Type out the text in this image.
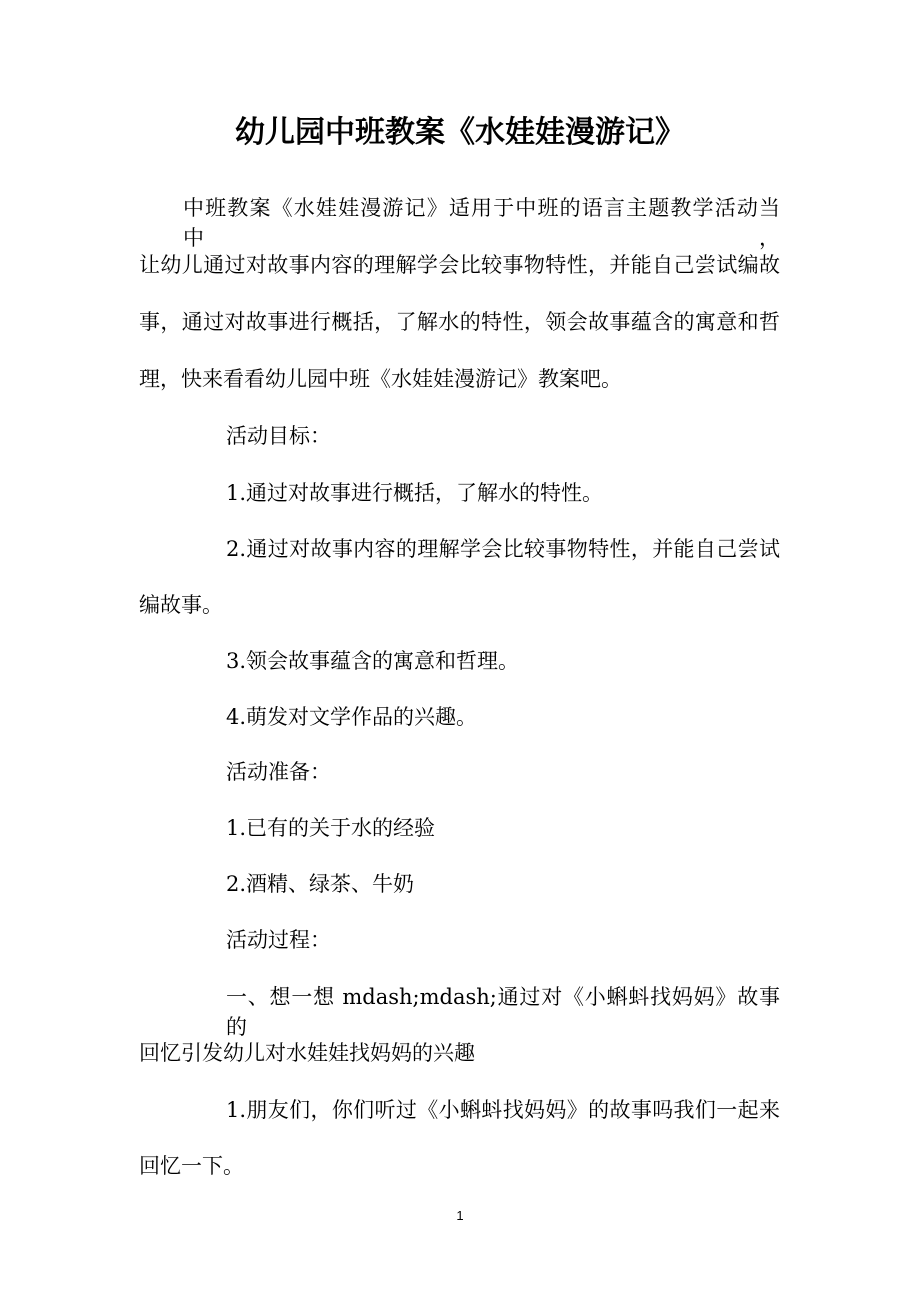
幼儿园中班教案《水娃娃漫游记》
中班教案《水娃娃漫游记》适用于中班的语言主题教学活动当中，
让幼儿通过对故事内容的理解学会比较事物特性，并能自己尝试编故
事，通过对故事进行概括，了解水的特性，领会故事蕴含的寓意和哲
理，快来看看幼儿园中班《水娃娃漫游记》教案吧。
活动目标：
1.通过对故事进行概括，了解水的特性。
2.通过对故事内容的理解学会比较事物特性，并能自己尝试
编故事。
3.领会故事蕴含的寓意和哲理。
4.萌发对文学作品的兴趣。
活动准备：
1.已有的关于水的经验
2.酒精、绿茶、牛奶
活动过程：
一、想一想 mdash;mdash;通过对《小蝌蚪找妈妈》故事的
回忆引发幼儿对水娃娃找妈妈的兴趣
1.朋友们，你们听过《小蝌蚪找妈妈》的故事吗我们一起来
回忆一下。
1
